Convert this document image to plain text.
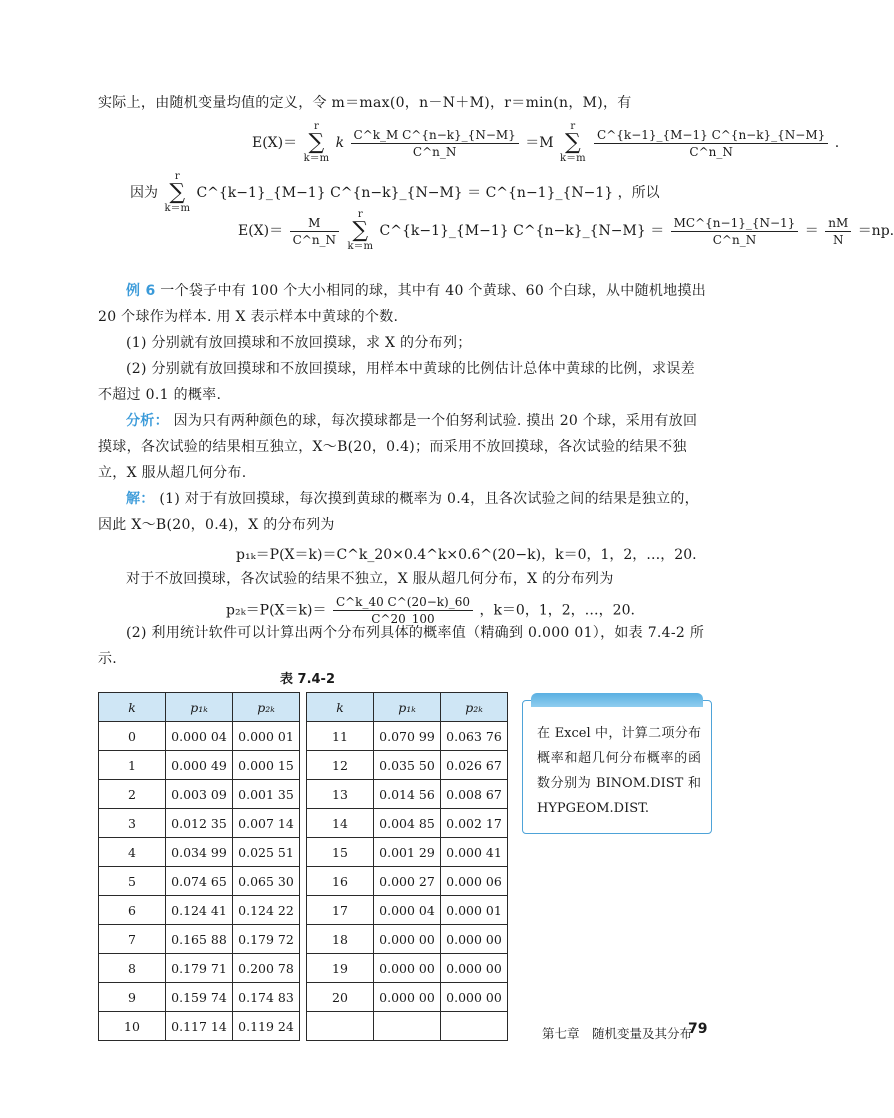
实际上，由随机变量均值的定义，令 m＝max(0，n－N＋M)，r＝min(n，M)，有
E(X)＝ r
∑
k＝m k $\frac{\text{C\textasciicircum{}k\_M C\textasciicircum{}\{n−k\}\_\{N−M\}}}{C\^{}n\_N} =M$ r
∑
$k=m \frac{C\^{}\{k-1\}\_\{M-1\} C\^{}\{n-k\}\_\{N-M\}}{C\^{}n\_N}$ .
因为 r
∑
k＝m C^{k−1}_{M−1} C^{n−k}_{N−M} ＝ C^{n−1}_{N−1} ，所以
$E(X)= \frac{M}{C\^{}n\_N}$ r
∑
k＝m C^{k−1}_{M−1} C^{n−k}_{N−M} ＝ $\frac{MC\^{}\{n-1\}\_\{N-1\}}{C\^{}n\_N} = \frac{nM}{N} =np$.
例 6 一个袋子中有 100 个大小相同的球，其中有 40 个黄球、60 个白球，从中随机地摸出 20 个球作为样本. 用 X 表示样本中黄球的个数.
(1) 分别就有放回摸球和不放回摸球，求 X 的分布列；
(2) 分别就有放回摸球和不放回摸球，用样本中黄球的比例估计总体中黄球的比例，求误差不超过 0.1 的概率.
分析： 因为只有两种颜色的球，每次摸球都是一个伯努利试验. 摸出 20 个球，采用有放回摸球，各次试验的结果相互独立，X～B(20，0.4)；而采用不放回摸球，各次试验的结果不独立，X 服从超几何分布.
解： (1) 对于有放回摸球，每次摸到黄球的概率为 0.4，且各次试验之间的结果是独立的，因此 X～B(20，0.4)，X 的分布列为
p₁ₖ＝P(X＝k)＝C^k_20×0.4^k×0.6^(20−k)，k＝0，1，2，…，20.
对于不放回摸球，各次试验的结果不独立，X 服从超几何分布，X 的分布列为
$p_{2k}=P(X=k)= \frac{C\^{}k\_40 C\^{}(20-k)\_60}{C\^{}20\_100}$ ，k＝0，1，2，…，20.
(2) 利用统计软件可以计算出两个分布列具体的概率值（精确到 0.000 01），如表 7.4-2 所示.
表 7.4-2
k	p₁ₖ	p₂ₖ		k	p₁ₖ	p₂ₖ
0	0.000 04	0.000 01		11	0.070 99	0.063 76
1	0.000 49	0.000 15		12	0.035 50	0.026 67
2	0.003 09	0.001 35		13	0.014 56	0.008 67
3	0.012 35	0.007 14		14	0.004 85	0.002 17
4	0.034 99	0.025 51		15	0.001 29	0.000 41
5	0.074 65	0.065 30		16	0.000 27	0.000 06
6	0.124 41	0.124 22		17	0.000 04	0.000 01
7	0.165 88	0.179 72		18	0.000 00	0.000 00
8	0.179 71	0.200 78		19	0.000 00	0.000 00
9	0.159 74	0.174 83		20	0.000 00	0.000 00
10	0.117 14	0.119 24				
在 Excel 中，计算二项分布概率和超几何分布概率的函数分别为 BINOM.DIST 和 HYPGEOM.DIST.
第七章　随机变量及其分布
79
